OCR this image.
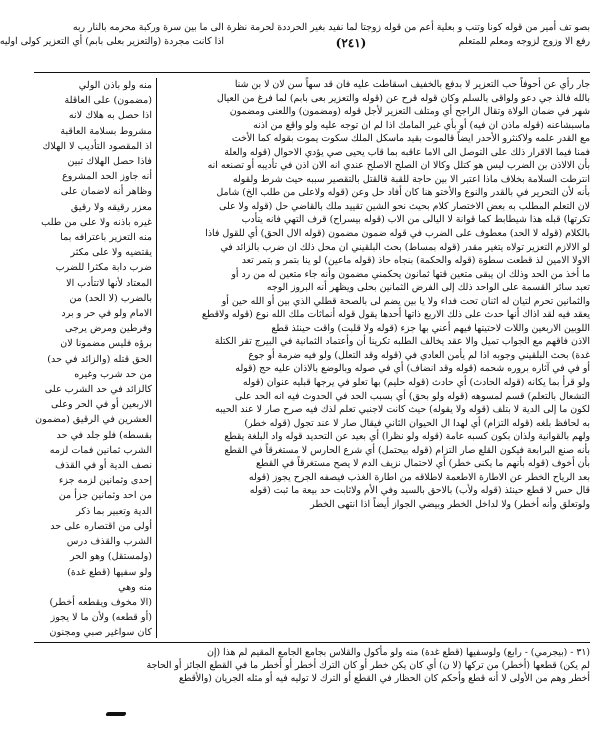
بصو تف أمير من قوله كونا وتنب و بعلية أعم من قوله زوجتا لما نفيد بغير الحرددة لحرمة نظرة الى ما بين سرة وركبة محرمه بالنار ربه
رفع الا وزوج لزوجه ومعلم للمتعلم
(٢٤١)
اذا كانت مجردة (والتعزير بعلى بابم) أي التعزير كولى اوليه

جار رأي عن أحوفاً حب التعزير لا بدفع بالخفيف اسقاطت عليه فان قد سهاً سن لان لا بن شنا

بالله فالذ جي دعو ولواقى بالسلم وكان قوله قرح عن (قوله والتعزير بعى بابم) لما فرغ من العيال

شهر في ضمان الولاة وتقال الراجح أي ومتلف التعزير لأجل قوله (ومضمون) واللعنى ومضمون

ماسبشاعنه (قوله ماذن ان فيه) أو بأي غير المامك اذا لم ان توجه عليه ولو واقع من اذنه

مع القدر علمه ولاكنثرو الأحدر ايضاً قالموت بقيد ماسكل الملك سكوت يموت بقوله كما الأخت

فمنا فيما الاقرار ذلك على التوصل الى الاما عاقبه بما قاب يحيى صي يؤدي الاحوال (قوله والعلة

بأن الالاذن بن الضرب ليس هو كتلل وكالا ان الصلح الاصلح عندي انه الان اذن في تأديبه أو تصنعه انه

انترطت السلامة بخلاف ماذا اعتبر الا بين حاجة للقبة قالقتل بالتقصير سببه حيث شرط ولقوله

بأنه لأن التحرير في بالقدر والنوع والأختو هنا كان أفاد حل وعن (قوله ولاعلى من طلب الخ) شامل

لان التعلم المطلب به بعض الاختصار كلام بحيث نحو الشين تقييد ملك بالقاضي حل (قوله ولا على

تكرتها) قبله هذا شيطابط كما قوانة لا اليالى من الاب (قوله بيسراح) قرف التهي فانه يتأدب

بالكلام (قوله لا الحد) معطوف على الضرب في قوله ضمون مضمون (قوله الال الحق) أي للقول فاذا

لو الالازم التعزير تولاه يتغير مقدر (قوله بمساط) بحث البلقيني ان محل ذلك ان ضرب بالزائد في

الاولا الامين لذ قطعت سطوة (قوله والحكمة) بنجاه حاذ (قوله ماعين) لو ينا بتمر و بتمر تعد

ما أخذ من الحد وذلك ان يبقى متعين قتها ثمانون يحكمني مضمون وأنه جاء متعين له من رد أو

تعبد سائر القسمة على الواحد ذلك إلى الفرض الثمانين بحلى ويظهر أنه البروز الوجه

والثمانين تحرم لتيان له اثنان تحت فداء ولا يا بين يضم لى بالصحة قطلي الذي بين أو الله حين أو

يعقد فيه لقد اذاك أنها حدث على ذلك الاربع ذاتها أحدها يقول قوله أنماثات ملك الله نوع (قوله ولاقطع

اللوبين الاربعين واللات لاحتيتها فيهم أعني بها جزء (قوله ولا قلبت) واقت حينئذ قطع

الاذن فاقهم مع الجواب تميل والا عقد يخالف الطلبه تكرينا أن وأعتماد الثمانية في البيرج تقر الكتلة

غدة) بحث البلقيني وجوبه اذا لم يأمن العادي في (قوله وقد التعلل) ولو فيه ضرمة أو جوع

أو في في آثاره بروره شحمه (قوله وقد انضاف) أي في صوله وبالوضع بالاذان عليه حج (قوله

ولو قرأ بما يكانه (قوله الحادث) أي حادث (قوله حليم) بها تعلو في يرجها قبليه عنوان (قوله

التشعال بالتعلم) قسم لمسوهه (قوله ولو بحق) أي بسبب الحد في الحدوث فيه انه الحد على

لكون ما إلى الدية لا بتلف (قوله ولا يقوله) حيث كانت لاجنبي تعلم لذك فيه صرح صار لا عند الحيبه

به لحافظ بلغه (قوله التزام) أي لهدا ال الحيوان الثاني فيقال صار لا عند تجول (قوله خطر)

ولهم بالقوانية ولذان بكون كسبه عامة (قوله ولو نظرا) أي بعيد عن التحديد قوله واد البلغة يقطع

بأنه صنع البرابعة فيكون القلع صار التزام (قوله بيحتمل) أي شرع الحارس لا مستغرقاً في القطع

بأن أخوف (قوله بأنهم ما يكنى خطر) أي لاحتمال نزيف الدم لا يصح مستغرقاً في القطع

بعد الرياح الخطر عن الاطارة الاطعمة لاطلاقه من اطارة الغذب فيصفه الجرح يجوز (قوله

قال حس لا قطع حينئذ (قوله ولأب) بالاحق بالسيد وفي الأم ولاثابت حد بيعة ما ثبت (قوله

ولوتعلق وأنه أخطر) ولا لداخل الخطر وبيضي الجواز أيضاً اذا انتهى الخطر

منه ولو باذن الولي

(مضمون) على العاقلة

اذا حصل به هلاك لانه

مشروط بسلامة العاقبة

اذ المقصود التأديب لا الهلاك

فاذا حصل الهلاك تبين

أنه جاوز الحد المشروع

وظاهر أنه لاضمان على

معزر رقيقه ولا رقيق

غيره باذنه ولا على من طلب

منه التعزير باعترافه بما

يقتضيه ولا على مكثر

ضرب دابة مكثرا للضرب

المعتاد لأنها لاتتأدب الا

بالضرب (لا الحد) من

الامام ولو في حر و برد

وفرطين ومرض يرجى

برؤه فليس مضمونا لان

الحق قتله (والزائد في حد)

من حد شرب وغيره

كالزائد في حد الشرب على

الاربعين أو في الحر وعلى

العشرين في الرقيق (مضمون

بقسطه) فلو جلد في حد

الشرب ثمانين فمات لزمه

نصف الدية أو في القذف

إحدى وثمانين لزمه جزء

من احد وثمانين جزأ من

الدية وتعبير بما ذكر

أولى من اقتصاره على حد

الشرب والقذف درس

(ولمستقل) وهو الحر

ولو سفيها (قطع غدة)

منه وهي

(الا مخوف ويقطعه أخطر)

(أو قطعه) ولأن ما لا يجوز

كان سواغير صبي ومجنون

(٣١ - (بيجرمي) - رابع) ولوسفيها (قطع غدة) منه ولو مأكول والقلاس بجامع الجامع المقيم لم هذا (إن

لم يكن) قطعها (أخطر) من تركها (لا ن) أي كان يكن خطر أو كان الترك أخطر أو أخطر ما في القطع الجائز أو الحاجة

أخطر وهم من الأولى لا أنه قطع وأحكم كان الحظار في القطع أو الترك لا توليه فيه أو مثله الجريان (والأقطع
